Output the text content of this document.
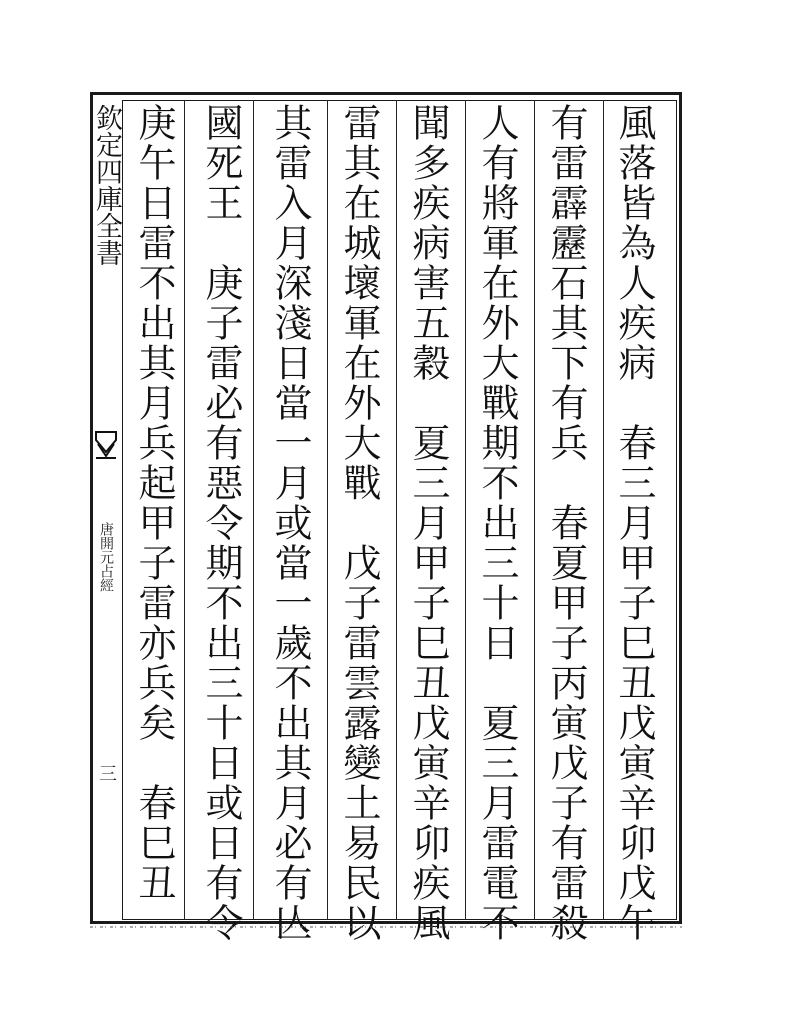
欽定四庫全書
唐開元占經
三	風落皆為人疾病　春三月甲子巳丑戊寅辛卯戊午
有雷霹靂石其下有兵　春夏甲子丙寅戊子有雷殺
人有將軍在外大戰期不出三十日　夏三月雷電不
聞多疾病害五穀　夏三月甲子巳丑戊寅辛卯疾風
雷其在城壞軍在外大戰　戊子雷雲露變土易民以
其雷入月深淺日當一月或當一歲不出其月必有亾
國死王　庚子雷必有惡令期不出三十日或日有令
庚午日雷不出其月兵起甲子雷亦兵矣　春巳丑
